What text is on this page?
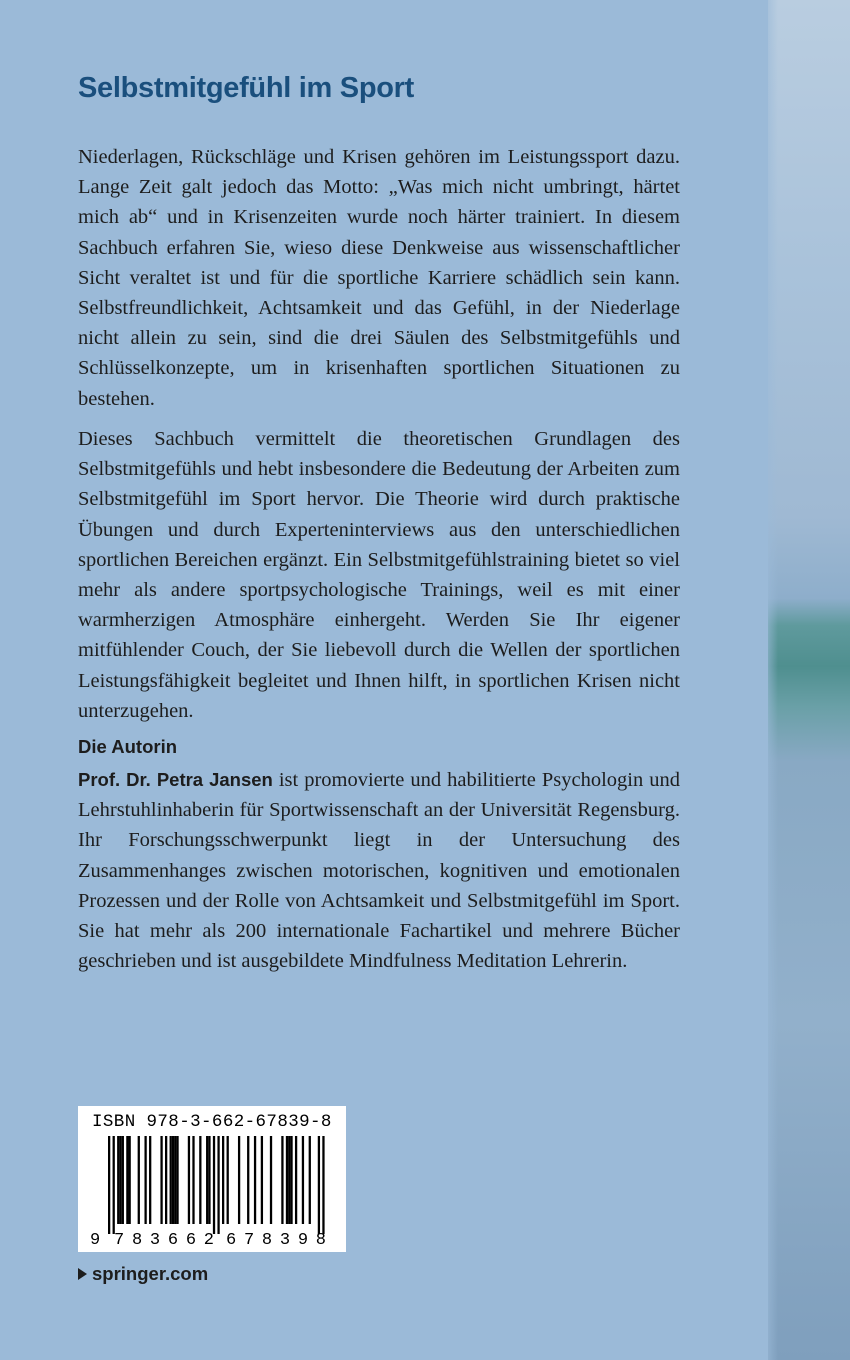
Selbstmitgefühl im Sport

Niederlagen, Rückschläge und Krisen gehören im Leistungssport dazu. Lange Zeit galt jedoch das Motto: „Was mich nicht umbringt, härtet mich ab“ und in Krisenzeiten wurde noch härter trainiert. In diesem Sachbuch erfahren Sie, wieso diese Denkweise aus wissenschaftlicher Sicht veraltet ist und für die sportliche Karriere schädlich sein kann. Selbstfreundlichkeit, Achtsamkeit und das Gefühl, in der Niederlage nicht allein zu sein, sind die drei Säulen des Selbstmitgefühls und Schlüsselkonzepte, um in krisenhaften sportlichen Situationen zu bestehen.

Dieses Sachbuch vermittelt die theoretischen Grundlagen des Selbstmitgefühls und hebt insbesondere die Bedeutung der Arbeiten zum Selbstmitgefühl im Sport hervor. Die Theorie wird durch praktische Übungen und durch Experteninterviews aus den unterschiedlichen sportlichen Bereichen ergänzt. Ein Selbstmitgefühlstraining bietet so viel mehr als andere sportpsychologische Trainings, weil es mit einer warmherzigen Atmosphäre einhergeht. Werden Sie Ihr eigener mitfühlender Couch, der Sie liebevoll durch die Wellen der sportlichen Leistungsfähigkeit begleitet und Ihnen hilft, in sportlichen Krisen nicht unterzugehen.

Die Autorin

Prof. Dr. Petra Jansen ist promovierte und habilitierte Psychologin und Lehrstuhlinhaberin für Sportwissenschaft an der Universität Regensburg. Ihr Forschungsschwerpunkt liegt in der Untersuchung des Zusammenhanges zwischen motorischen, kognitiven und emotionalen Prozessen und der Rolle von Achtsamkeit und Selbstmitgefühl im Sport. Sie hat mehr als 200 internationale Fachartikel und mehrere Bücher geschrieben und ist ausgebildete Mindfulness Meditation Lehrerin.

ISBN 978-3-662-67839-8
9 783662 678398
springer.com
